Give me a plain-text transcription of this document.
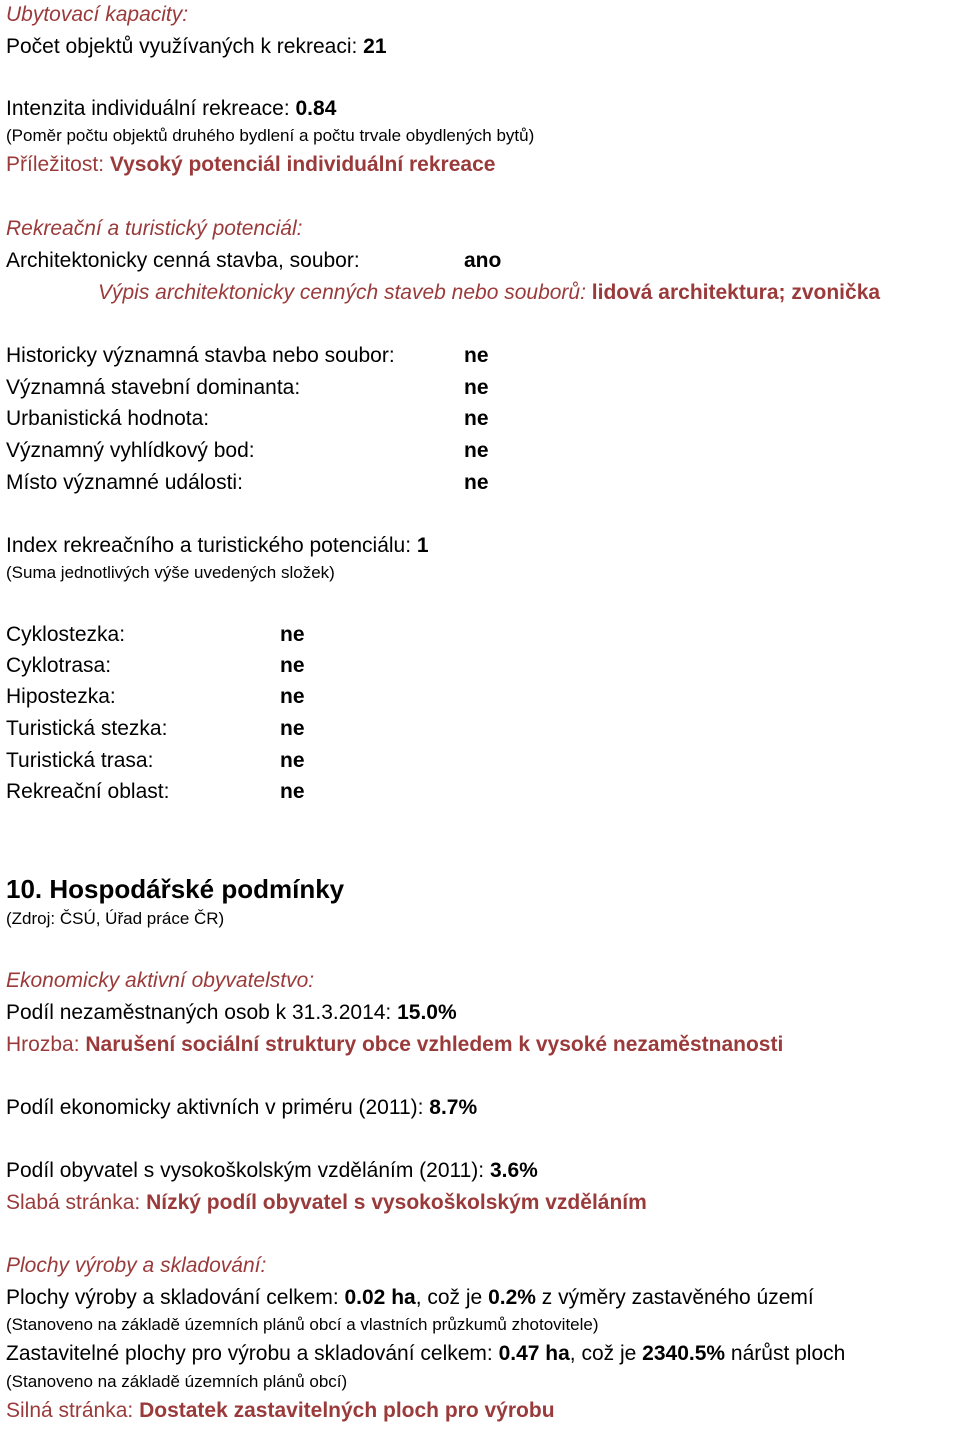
Ubytovací kapacity:
Počet objektů využívaných k rekreaci: 21
Intenzita individuální rekreace: 0.84
(Poměr počtu objektů druhého bydlení a počtu trvale obydlených bytů)
Příležitost: Vysoký potenciál individuální rekreace
Rekreační a turistický potenciál:
Architektonicky cenná stavba, soubor:	ano
Výpis architektonicky cenných staveb nebo souborů: lidová architektura; zvonička
Historicky významná stavba nebo soubor:	ne
Významná stavební dominanta:	ne
Urbanistická hodnota:	ne
Významný vyhlídkový bod:	ne
Místo významné události:	ne
Index rekreačního a turistického potenciálu: 1
(Suma jednotlivých výše uvedených složek)
Cyklostezka:	ne
Cyklotrasa:	ne
Hipostezka:	ne
Turistická stezka:	ne
Turistická trasa:	ne
Rekreační oblast:	ne
10. Hospodářské podmínky
(Zdroj: ČSÚ, Úřad práce ČR)
Ekonomicky aktivní obyvatelstvo:
Podíl nezaměstnaných osob k 31.3.2014: 15.0%
Hrozba: Narušení sociální struktury obce vzhledem k vysoké nezaměstnanosti
Podíl ekonomicky aktivních v priméru (2011): 8.7%
Podíl obyvatel s vysokoškolským vzděláním (2011): 3.6%
Slabá stránka: Nízký podíl obyvatel s vysokoškolským vzděláním
Plochy výroby a skladování:
Plochy výroby a skladování celkem: 0.02 ha, což je 0.2% z výměry zastavěného území
(Stanoveno na základě územních plánů obcí a vlastních průzkumů zhotovitele)
Zastavitelné plochy pro výrobu a skladování celkem: 0.47 ha, což je 2340.5% nárůst ploch
(Stanoveno na základě územních plánů obcí)
Silná stránka: Dostatek zastavitelných ploch pro výrobu
